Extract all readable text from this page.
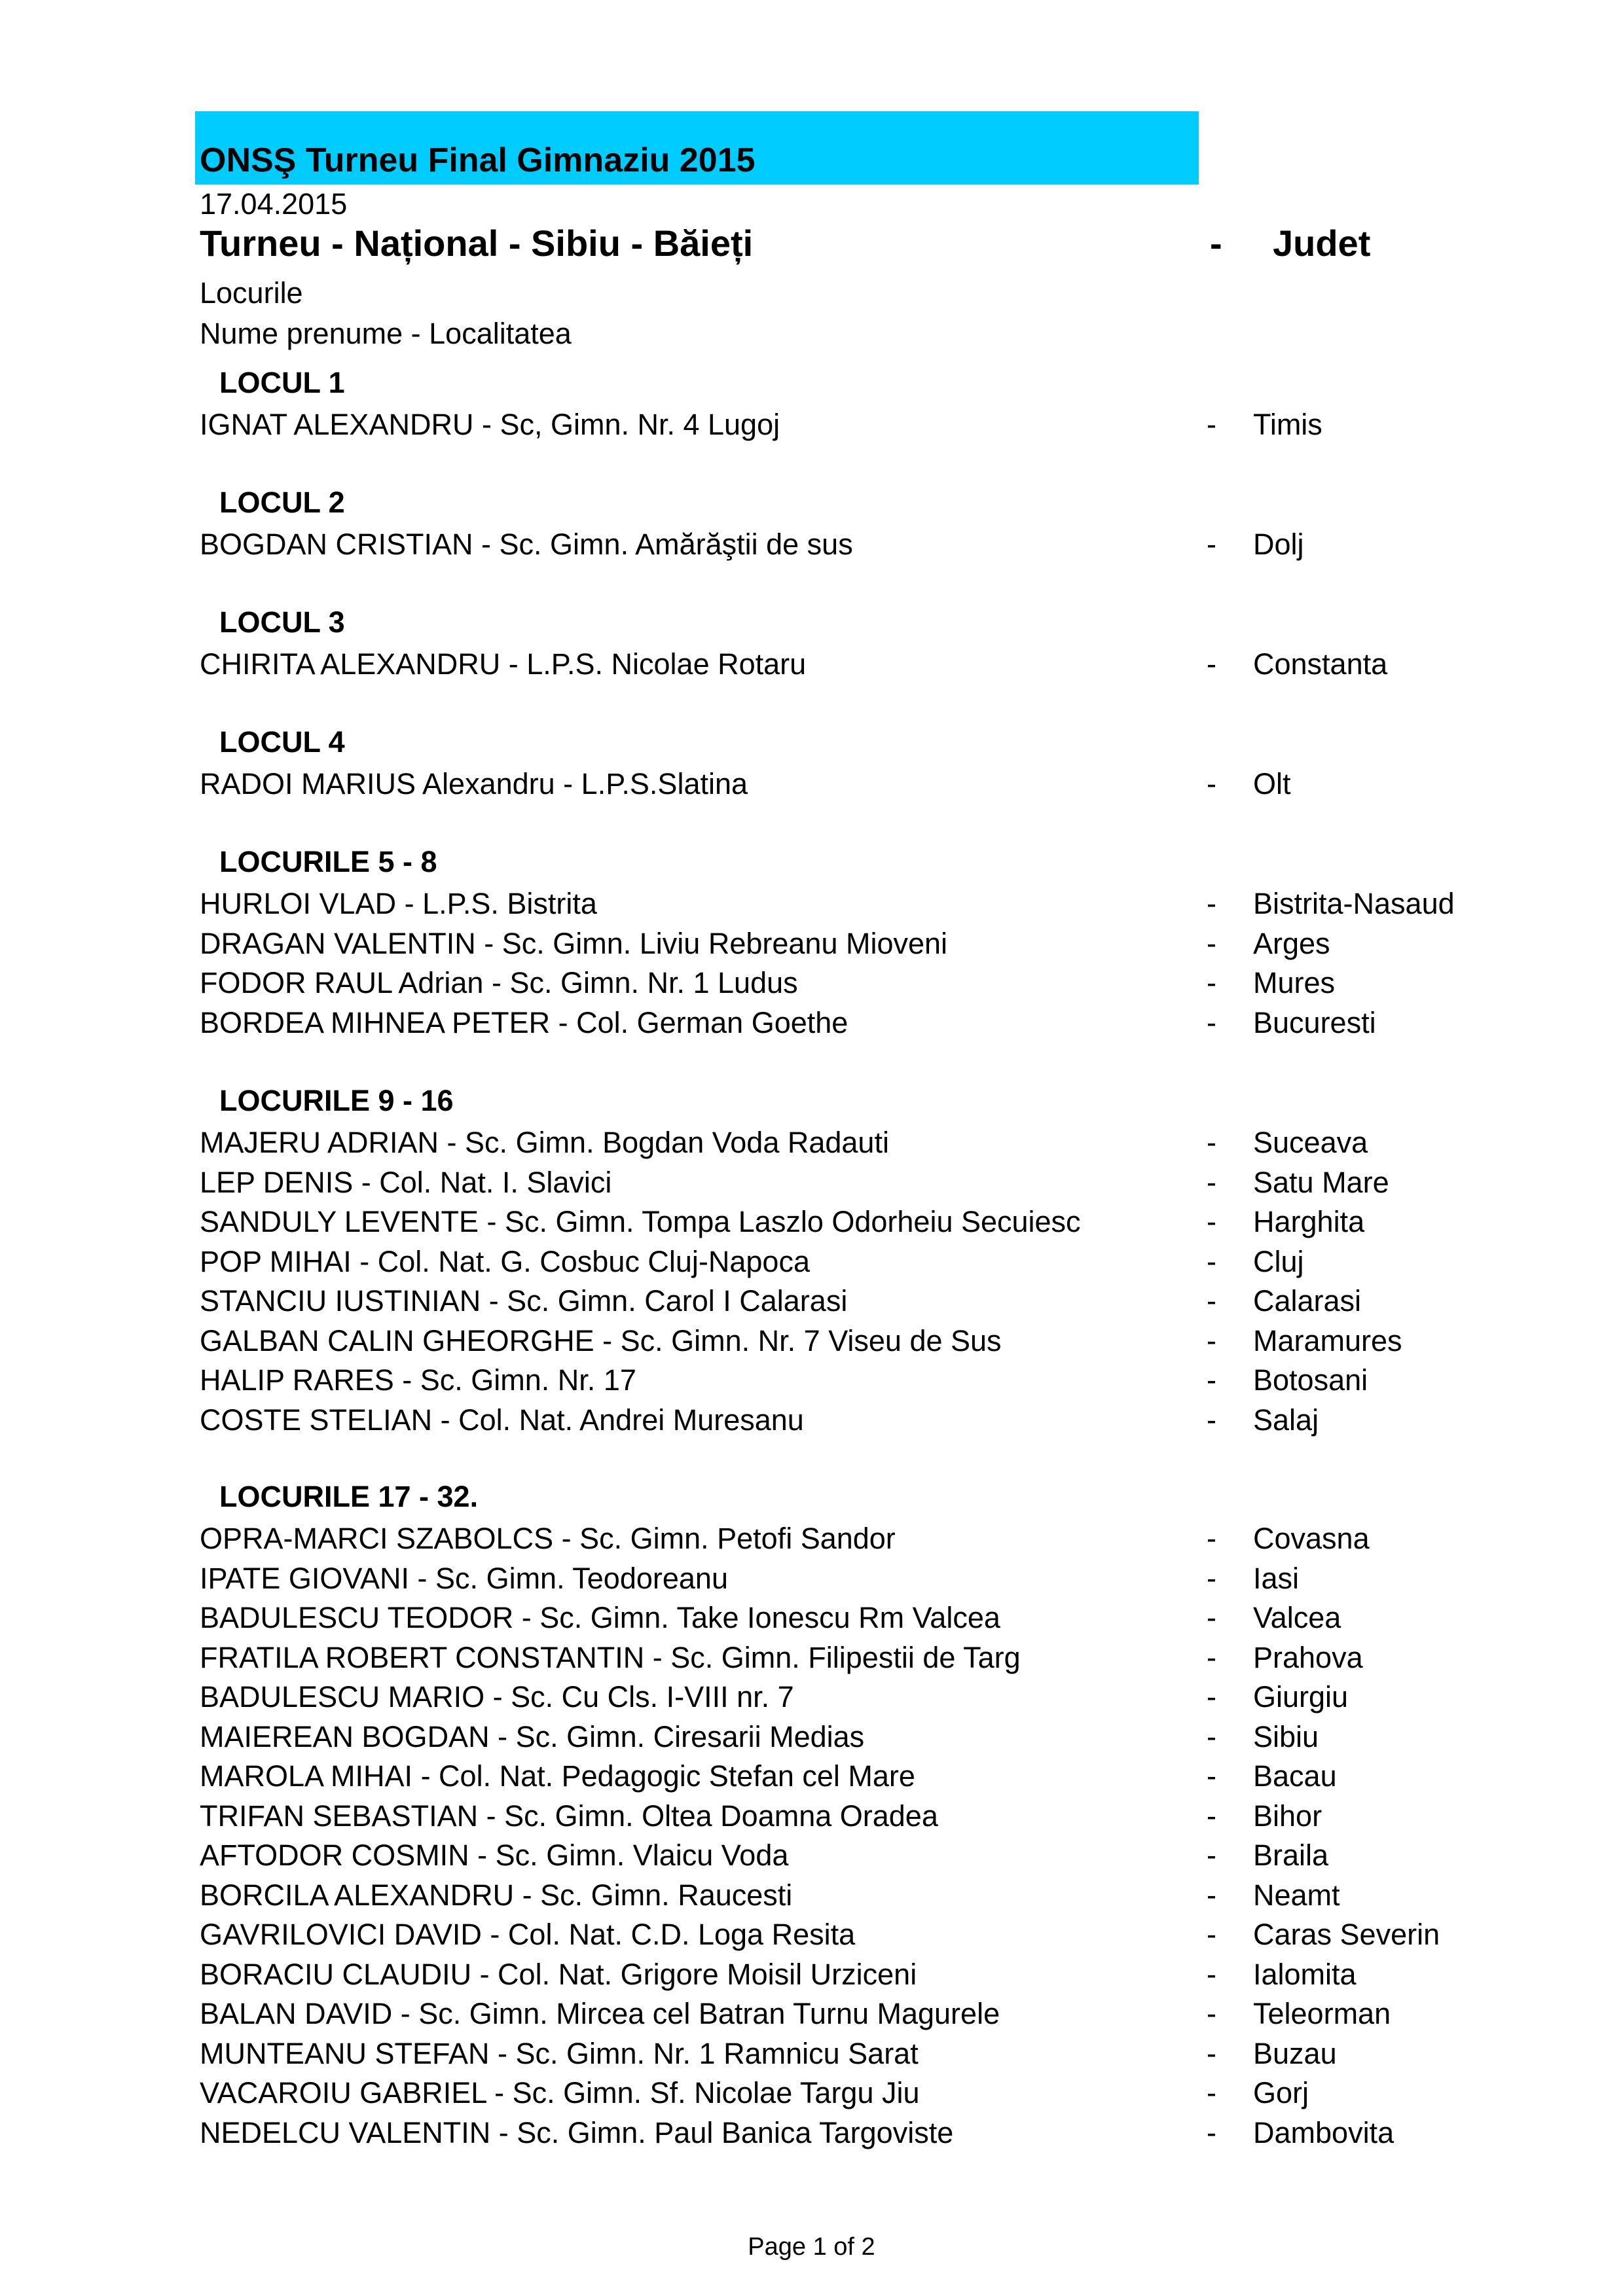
ONSŞ Turneu Final Gimnaziu 2015
17.04.2015
Turneu - Național - Sibiu - Băieți	- Judet
Locurile
Nume prenume - Localitatea
LOCUL 1
IGNAT ALEXANDRU - Sc, Gimn. Nr. 4 Lugoj	- Timis
LOCUL 2
BOGDAN CRISTIAN - Sc. Gimn. Amărăştii de sus	- Dolj
LOCUL 3
CHIRITA ALEXANDRU - L.P.S. Nicolae Rotaru	- Constanta
LOCUL 4
RADOI MARIUS Alexandru - L.P.S.Slatina	- Olt
LOCURILE 5 - 8
HURLOI VLAD - L.P.S. Bistrita	- Bistrita-Nasaud
DRAGAN VALENTIN - Sc. Gimn. Liviu Rebreanu Mioveni	- Arges
FODOR RAUL Adrian - Sc. Gimn. Nr. 1 Ludus	- Mures
BORDEA MIHNEA PETER - Col. German Goethe	- Bucuresti
LOCURILE 9 - 16
MAJERU ADRIAN - Sc. Gimn. Bogdan Voda Radauti	- Suceava
LEP DENIS - Col. Nat. I. Slavici	- Satu Mare
SANDULY LEVENTE - Sc. Gimn. Tompa Laszlo Odorheiu Secuiesc	- Harghita
POP MIHAI - Col. Nat. G. Cosbuc Cluj-Napoca	- Cluj
STANCIU IUSTINIAN - Sc. Gimn. Carol I Calarasi	- Calarasi
GALBAN CALIN GHEORGHE - Sc. Gimn. Nr. 7 Viseu de Sus	- Maramures
HALIP RARES - Sc. Gimn. Nr. 17	- Botosani
COSTE STELIAN - Col. Nat. Andrei Muresanu	- Salaj
LOCURILE 17 - 32.
OPRA-MARCI SZABOLCS - Sc. Gimn. Petofi Sandor	- Covasna
IPATE GIOVANI - Sc. Gimn. Teodoreanu	- Iasi
BADULESCU TEODOR - Sc. Gimn. Take Ionescu Rm Valcea	- Valcea
FRATILA ROBERT CONSTANTIN - Sc. Gimn. Filipestii de Targ	- Prahova
BADULESCU MARIO - Sc. Cu Cls. I-VIII nr. 7	- Giurgiu
MAIEREAN BOGDAN - Sc. Gimn. Ciresarii Medias	- Sibiu
MAROLA MIHAI - Col. Nat. Pedagogic Stefan cel Mare	- Bacau
TRIFAN SEBASTIAN - Sc. Gimn. Oltea Doamna Oradea	- Bihor
AFTODOR COSMIN - Sc. Gimn. Vlaicu Voda	- Braila
BORCILA ALEXANDRU - Sc. Gimn. Raucesti	- Neamt
GAVRILOVICI DAVID - Col. Nat. C.D. Loga Resita	- Caras Severin
BORACIU CLAUDIU - Col. Nat. Grigore Moisil Urziceni	- Ialomita
BALAN DAVID - Sc. Gimn. Mircea cel Batran Turnu Magurele	- Teleorman
MUNTEANU STEFAN - Sc. Gimn. Nr. 1 Ramnicu Sarat	- Buzau
VACAROIU GABRIEL - Sc. Gimn. Sf. Nicolae Targu Jiu	- Gorj
NEDELCU VALENTIN - Sc. Gimn. Paul Banica Targoviste	- Dambovita
Page 1 of 2
